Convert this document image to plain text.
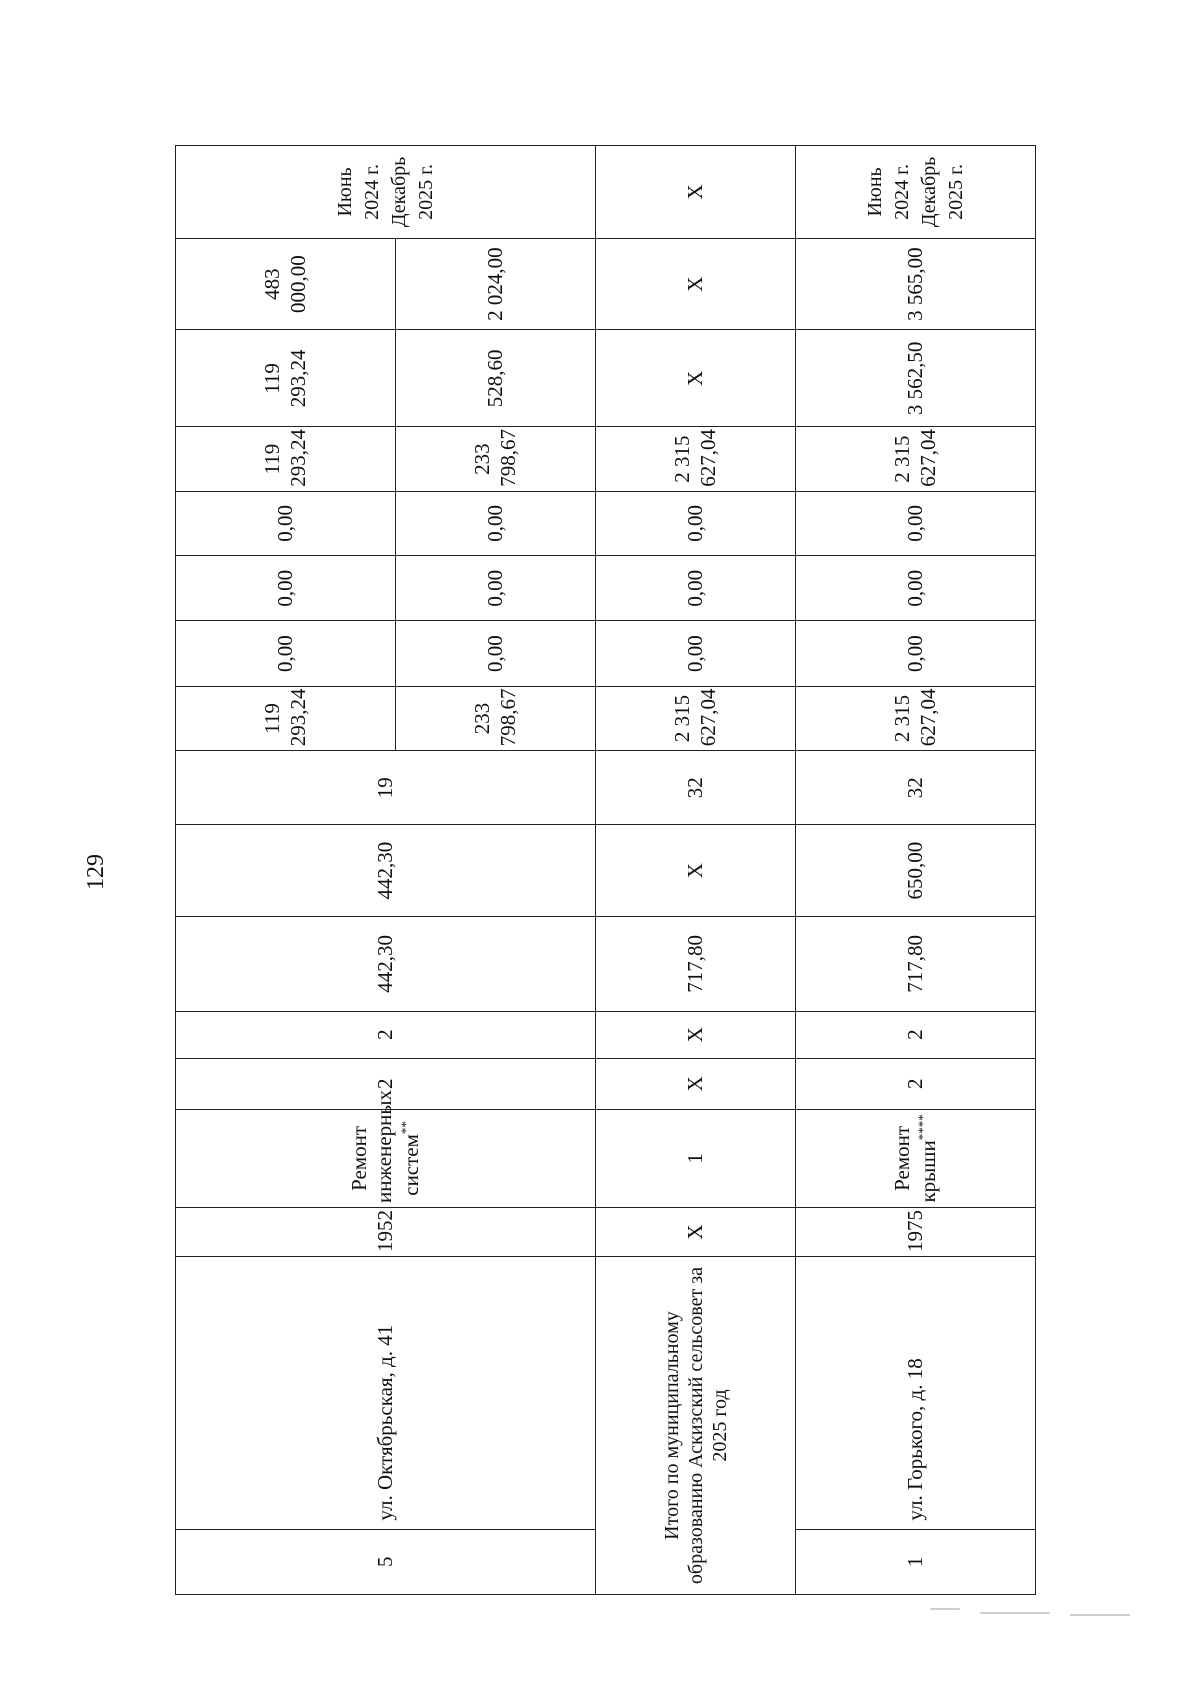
129
5	ул. Октябрьская, д. 41	1952	Ремонт инженерных систем**	2	2	442,30	442,30	19	119 293,24	0,00	0,00	0,00	119 293,24	119 293,24	483 000,00	Июнь 2024 г. Декабрь 2025 г.
									233 798,67	0,00	0,00	0,00	233 798,67	528,60	2 024,00	
Итого по муниципальному образованию Аскизский сельсовет за 2025 год		Х	1	Х	Х	717,80	Х	32	2 315 627,04	0,00	0,00	0,00	2 315 627,04	Х	Х	Х
1	ул. Горького, д. 18	1975	Ремонт крыши****	2	2	717,80	650,00	32	2 315 627,04	0,00	0,00	0,00	2 315 627,04	3 562,50	3 565,00	Июнь 2024 г. Декабрь 2025 г.
